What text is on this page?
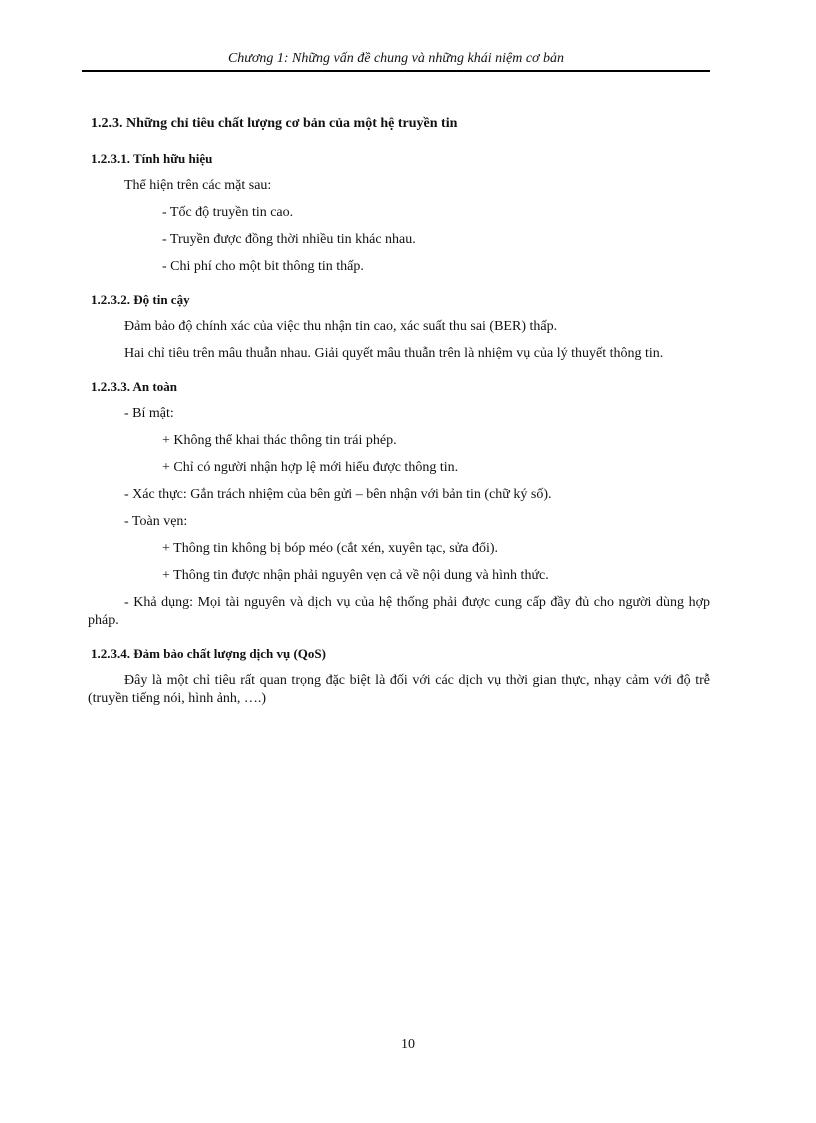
Chương 1: Những vấn đề chung và những khái niệm cơ bản
1.2.3. Những chỉ tiêu chất lượng cơ bản của một hệ truyền tin
1.2.3.1. Tính hữu hiệu
Thể hiện trên các mặt sau:
- Tốc độ truyền tin cao.
- Truyền được đồng thời nhiều tin khác nhau.
- Chi phí cho một bit thông tin thấp.
1.2.3.2. Độ tin cậy
Đảm bảo độ chính xác của việc thu nhận tin cao, xác suất thu sai (BER) thấp.
Hai chỉ tiêu trên mâu thuẫn nhau. Giải quyết mâu thuẫn trên là nhiệm vụ của lý thuyết thông tin.
1.2.3.3. An toàn
- Bí mật:
+ Không thể khai thác thông tin trái phép.
+ Chỉ có người nhận hợp lệ mới hiểu được thông tin.
- Xác thực: Gắn trách nhiệm của bên gửi – bên nhận với bản tin (chữ ký số).
- Toàn vẹn:
+ Thông tin không bị bóp méo (cắt xén, xuyên tạc, sửa đổi).
+ Thông tin được nhận phải nguyên vẹn cả về nội dung và hình thức.
- Khả dụng: Mọi tài nguyên và dịch vụ của hệ thống phải được cung cấp đầy đủ cho người dùng hợp pháp.
1.2.3.4. Đảm bảo chất lượng dịch vụ (QoS)
Đây là một chỉ tiêu rất quan trọng đặc biệt là đối với các dịch vụ thời gian thực, nhạy cảm với độ trễ (truyền tiếng nói, hình ảnh, ….)
10
